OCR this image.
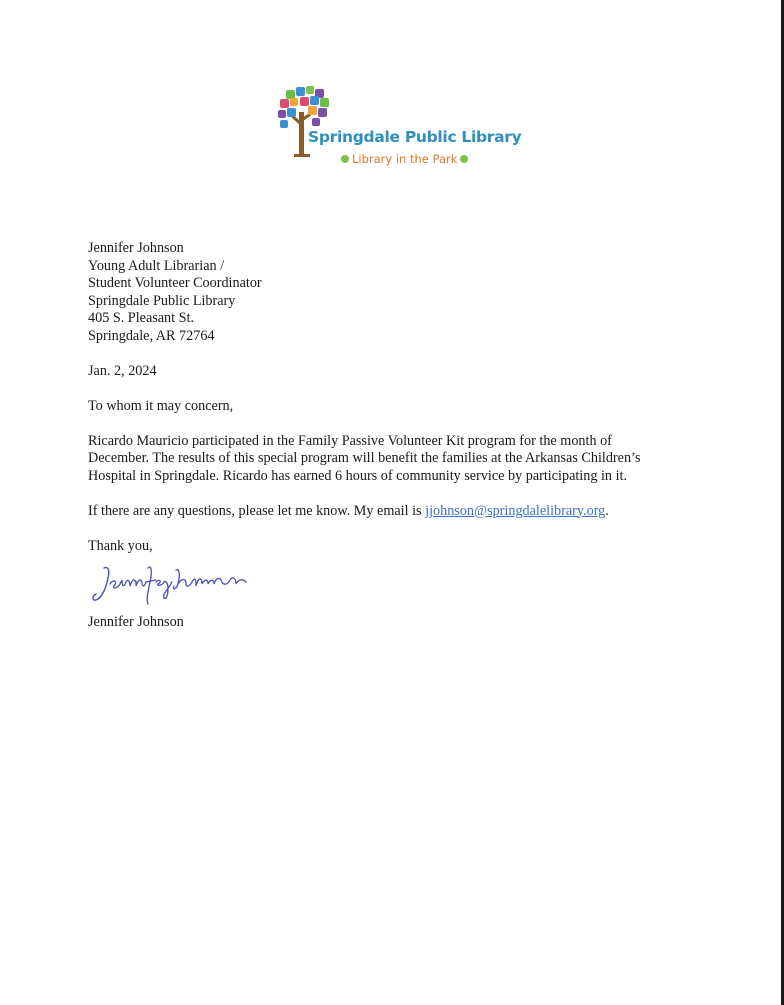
Springdale Public Library
Library in the Park

Jennifer Johnson

Young Adult Librarian /

Student Volunteer Coordinator

Springdale Public Library

405 S. Pleasant St.

Springdale, AR 72764

Jan. 2, 2024

To whom it may concern,

Ricardo Mauricio participated in the Family Passive Volunteer Kit program for the month of

December. The results of this special program will benefit the families at the Arkansas Children’s

Hospital in Springdale. Ricardo has earned 6 hours of community service by participating in it.

If there are any questions, please let me know. My email is jjohnson@springdalelibrary.org.

Thank you,

Jennifer Johnson
